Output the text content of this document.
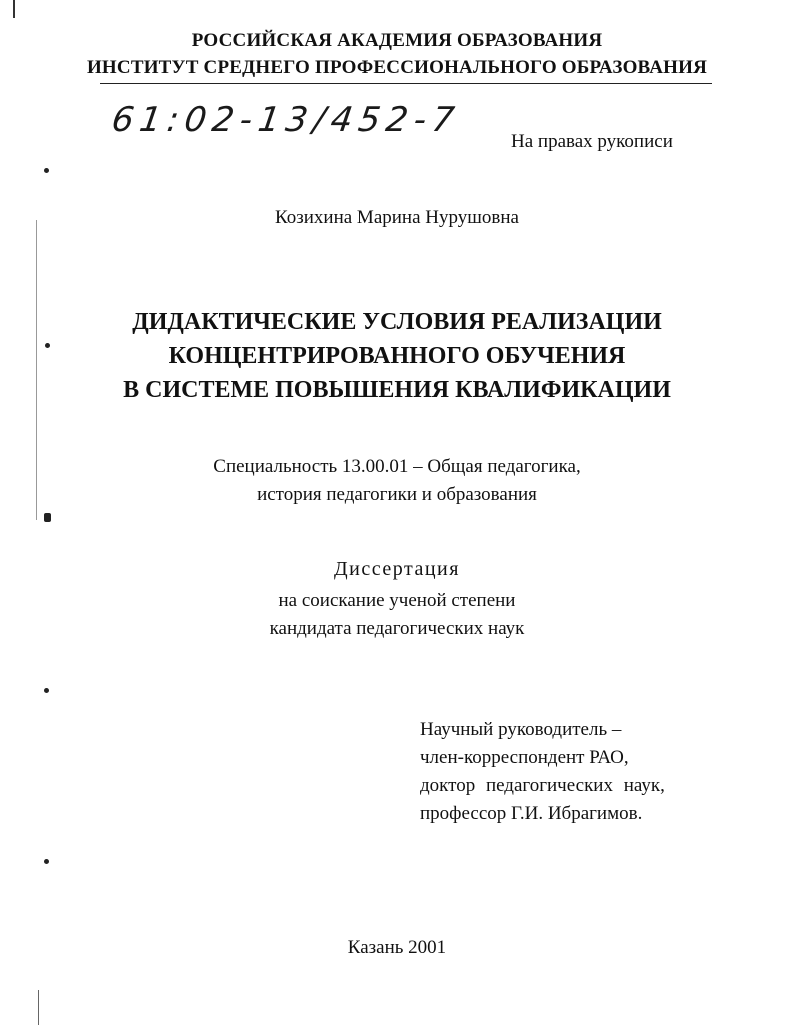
РОССИЙСКАЯ АКАДЕМИЯ ОБРАЗОВАНИЯ
ИНСТИТУТ СРЕДНЕГО ПРОФЕССИОНАЛЬНОГО ОБРАЗОВАНИЯ
61:02-13/452-7
На правах рукописи
Козихина Марина Нурушовна
ДИДАКТИЧЕСКИЕ УСЛОВИЯ РЕАЛИЗАЦИИ
КОНЦЕНТРИРОВАННОГО ОБУЧЕНИЯ
В СИСТЕМЕ ПОВЫШЕНИЯ КВАЛИФИКАЦИИ
Специальность 13.00.01 – Общая педагогика,
история педагогики и образования
Диссертация
на соискание ученой степени
кандидата педагогических наук
Научный руководитель –
член-корреспондент РАО,
доктор педагогических наук,
профессор Г.И. Ибрагимов.
Казань 2001
